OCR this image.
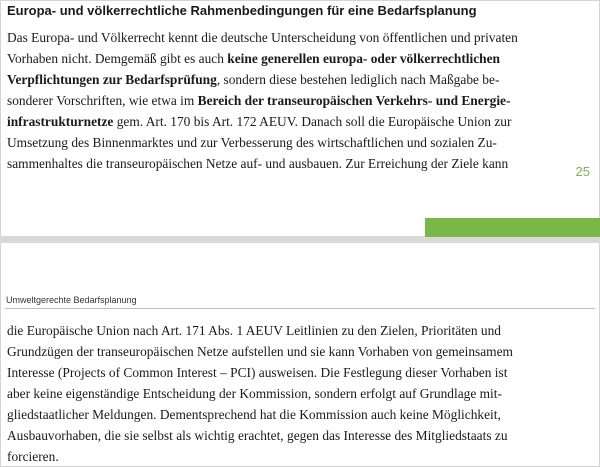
Europa- und völkerrechtliche Rahmenbedingungen für eine Bedarfsplanung

Das Europa- und Völkerrecht kennt die deutsche Unterscheidung von öffentlichen und privaten

Vorhaben nicht. Demgemäß gibt es auch keine generellen europa- oder völkerrechtlichen

Verpflichtungen zur Bedarfsprüfung, sondern diese bestehen lediglich nach Maßgabe be-

sonderer Vorschriften, wie etwa im Bereich der transeuropäischen Verkehrs- und Energie-

infrastrukturnetze gem. Art. 170 bis Art. 172 AEUV. Danach soll die Europäische Union zur

Umsetzung des Binnenmarktes und zur Verbesserung des wirtschaftlichen und sozialen Zu-

sammenhaltes die transeuropäischen Netze auf- und ausbauen. Zur Erreichung der Ziele kann

25
Umweltgerechte Bedarfsplanung

die Europäische Union nach Art. 171 Abs. 1 AEUV Leitlinien zu den Zielen, Prioritäten und

Grundzügen der transeuropäischen Netze aufstellen und sie kann Vorhaben von gemeinsamem

Interesse (Projects of Common Interest – PCI) ausweisen. Die Festlegung dieser Vorhaben ist

aber keine eigenständige Entscheidung der Kommission, sondern erfolgt auf Grundlage mit-

gliedstaatlicher Meldungen. Dementsprechend hat die Kommission auch keine Möglichkeit,

Ausbauvorhaben, die sie selbst als wichtig erachtet, gegen das Interesse des Mitgliedstaats zu

forcieren.
